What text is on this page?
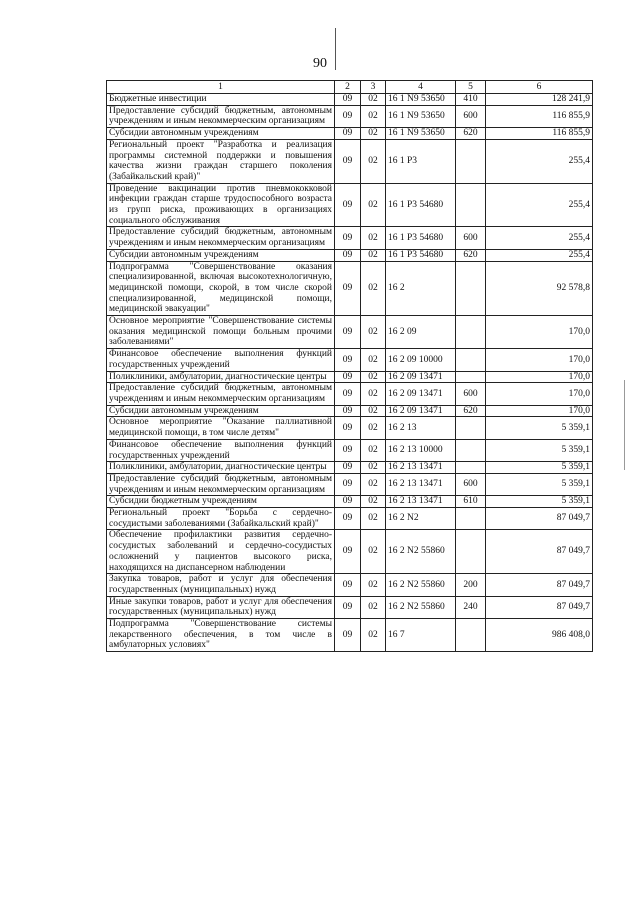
90
1	2	3	4	5	6
Бюджетные инвестиции	09	02	16 1 N9 53650	410	128 241,9
Предоставление субсидий бюджетным, автономным учреждениям и иным некоммерческим организациям	09	02	16 1 N9 53650	600	116 855,9
Субсидии автономным учреждениям	09	02	16 1 N9 53650	620	116 855,9
Региональный проект "Разработка и реализация программы системной поддержки и повышения качества жизни граждан старшего поколения (Забайкальский край)"	09	02	16 1 P3		255,4
Проведение вакцинации против пневмококковой инфекции граждан старше трудоспособного возраста из групп риска, проживающих в организациях социального обслуживания	09	02	16 1 P3 54680		255,4
Предоставление субсидий бюджетным, автономным учреждениям и иным некоммерческим организациям	09	02	16 1 P3 54680	600	255,4
Субсидии автономным учреждениям	09	02	16 1 P3 54680	620	255,4
Подпрограмма "Совершенствование оказания специализированной, включая высокотехнологичную, медицинской помощи, скорой, в том числе скорой специализированной, медицинской помощи, медицинской эвакуации"	09	02	16 2		92 578,8
Основное мероприятие "Совершенствование системы оказания медицинской помощи больным прочими заболеваниями"	09	02	16 2 09		170,0
Финансовое обеспечение выполнения функций государственных учреждений	09	02	16 2 09 10000		170,0
Поликлиники, амбулатории, диагностические центры	09	02	16 2 09 13471		170,0
Предоставление субсидий бюджетным, автономным учреждениям и иным некоммерческим организациям	09	02	16 2 09 13471	600	170,0
Субсидии автономным учреждениям	09	02	16 2 09 13471	620	170,0
Основное мероприятие "Оказание паллиативной медицинской помощи, в том числе детям"	09	02	16 2 13		5 359,1
Финансовое обеспечение выполнения функций государственных учреждений	09	02	16 2 13 10000		5 359,1
Поликлиники, амбулатории, диагностические центры	09	02	16 2 13 13471		5 359,1
Предоставление субсидий бюджетным, автономным учреждениям и иным некоммерческим организациям	09	02	16 2 13 13471	600	5 359,1
Субсидии бюджетным учреждениям	09	02	16 2 13 13471	610	5 359,1
Региональный проект "Борьба с сердечно-сосудистыми заболеваниями (Забайкальский край)"	09	02	16 2 N2		87 049,7
Обеспечение профилактики развития сердечно-сосудистых заболеваний и сердечно-сосудистых осложнений у пациентов высокого риска, находящихся на диспансерном наблюдении	09	02	16 2 N2 55860		87 049,7
Закупка товаров, работ и услуг для обеспечения государственных (муниципальных) нужд	09	02	16 2 N2 55860	200	87 049,7
Иные закупки товаров, работ и услуг для обеспечения государственных (муниципальных) нужд	09	02	16 2 N2 55860	240	87 049,7
Подпрограмма "Совершенствование системы лекарственного обеспечения, в том числе в амбулаторных условиях"	09	02	16 7		986 408,0
